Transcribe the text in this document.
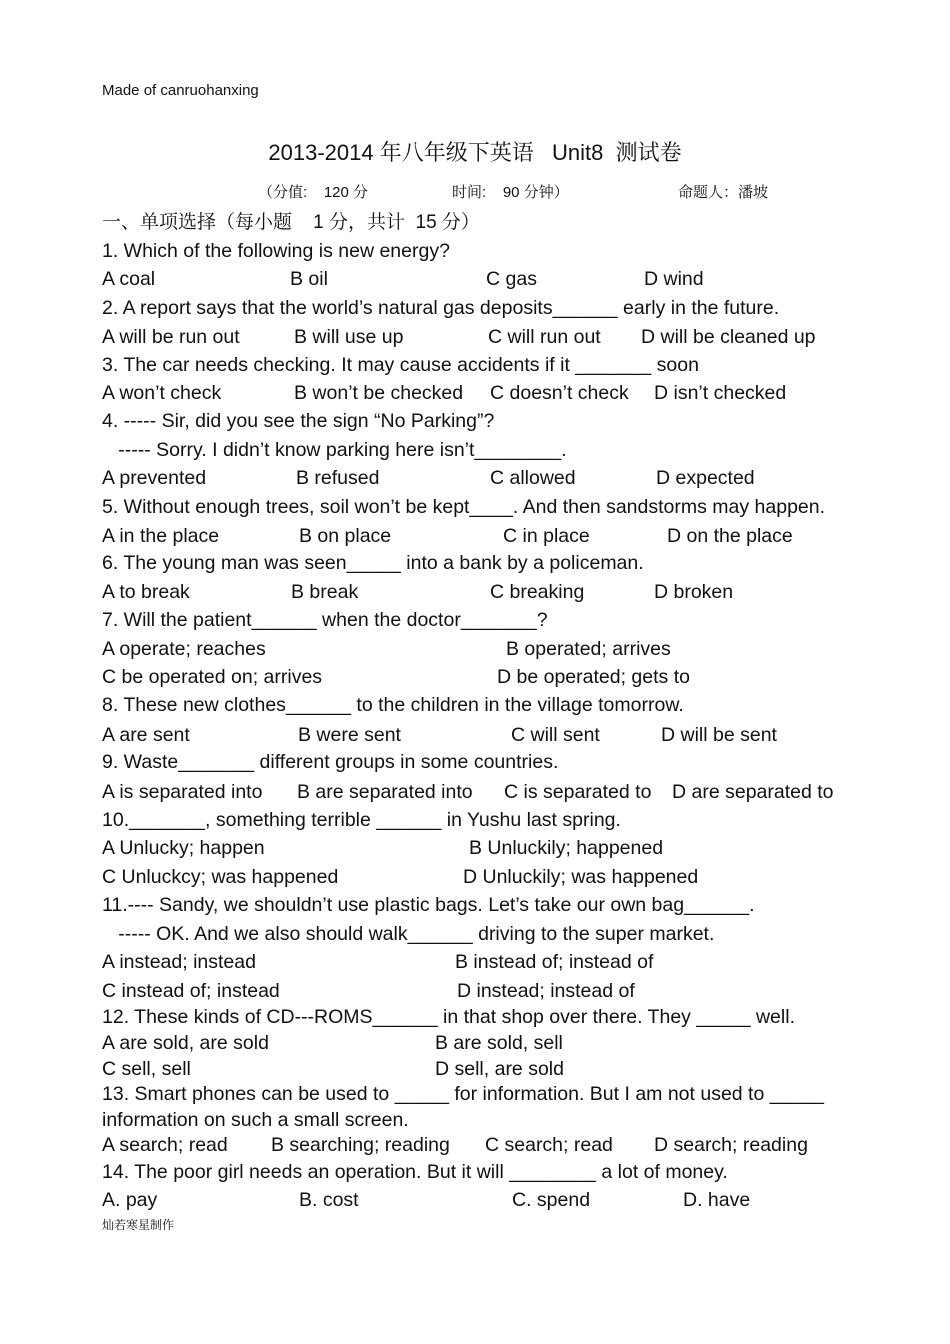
Made of canruohanxing
2013-2014 年八年级下英语   Unit8  测试卷
（分值:    120 分	时间:    90 分钟）	命题人：潘坡
一、单项选择（每小题    1 分，共计  15 分）
1. Which of the following is new energy?
A coal	B oil	C gas	D wind
2. A report says that the world’s natural gas deposits______ early in the future.
A will be run out	B will use up	C will run out D will be cleaned up
3. The car needs checking. It may cause accidents if it _______ soon
A won’t check	B won’t be checked C doesn’t check D isn’t checked
4. ----- Sir, did you see the sign “No Parking”?
----- Sorry. I didn’t know parking here isn’t________.
A prevented	B refused	C allowed	D expected
5. Without enough trees, soil won’t be kept____. And then sandstorms may happen.
A in the place	B on place	C in place	D on the place
6. The young man was seen_____ into a bank by a policeman.
A to break	B break	C breaking	D broken
7. Will the patient______ when the doctor_______?
A operate; reaches	B operated; arrives
C be operated on; arrives	D be operated; gets to
8. These new clothes______ to the children in the village tomorrow.
A are sent	B were sent	C will sent	D will be sent
9. Waste_______ different groups in some countries.
A is separated into B are separated into C is separated to D are separated to
10._______, something terrible ______ in Yushu last spring.
A Unlucky; happen	B Unluckily; happened
C Unluckcy; was happened	D Unluckily; was happened
11.---- Sandy, we shouldn’t use plastic bags. Let’s take our own bag______.
----- OK. And we also should walk______ driving to the super market.
A instead; instead	B instead of; instead of
C instead of; instead	D instead; instead of
12. These kinds of CD---ROMS______ in that shop over there. They _____ well.
A are sold, are sold	B are sold, sell
C sell, sell	D sell, are sold
13. Smart phones can be used to _____ for information. But I am not used to _____
information on such a small screen.
A search; read B searching; reading C search; read D search; reading
14. The poor girl needs an operation. But it will ________ a lot of money.
A. pay	B. cost	C. spend	D. have
灿若寒星制作
